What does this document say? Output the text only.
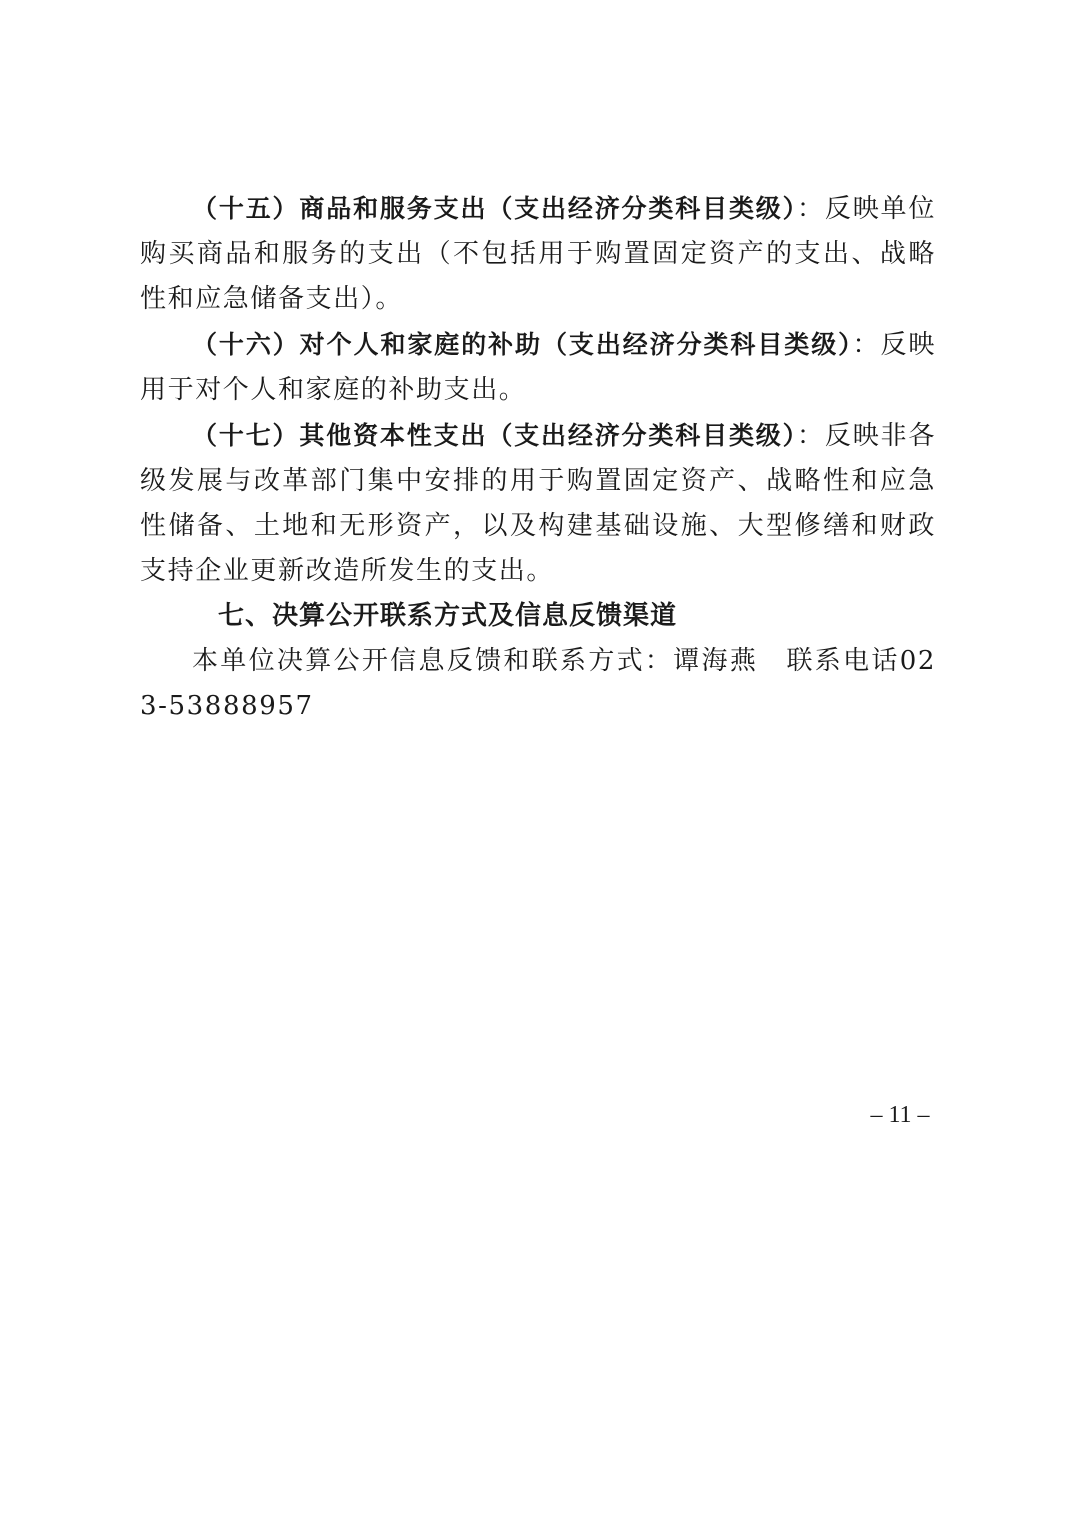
（十五）商品和服务支出（支出经济分类科目类级）：反映单位购买商品和服务的支出（不包括用于购置固定资产的支出、战略性和应急储备支出）。

（十六）对个人和家庭的补助（支出经济分类科目类级）：反映用于对个人和家庭的补助支出。

（十七）其他资本性支出（支出经济分类科目类级）：反映非各级发展与改革部门集中安排的用于购置固定资产、战略性和应急性储备、土地和无形资产，以及构建基础设施、大型修缮和财政支持企业更新改造所发生的支出。

七、决算公开联系方式及信息反馈渠道

本单位决算公开信息反馈和联系方式：谭海燕　联系电话023-53888957

– 11 –
